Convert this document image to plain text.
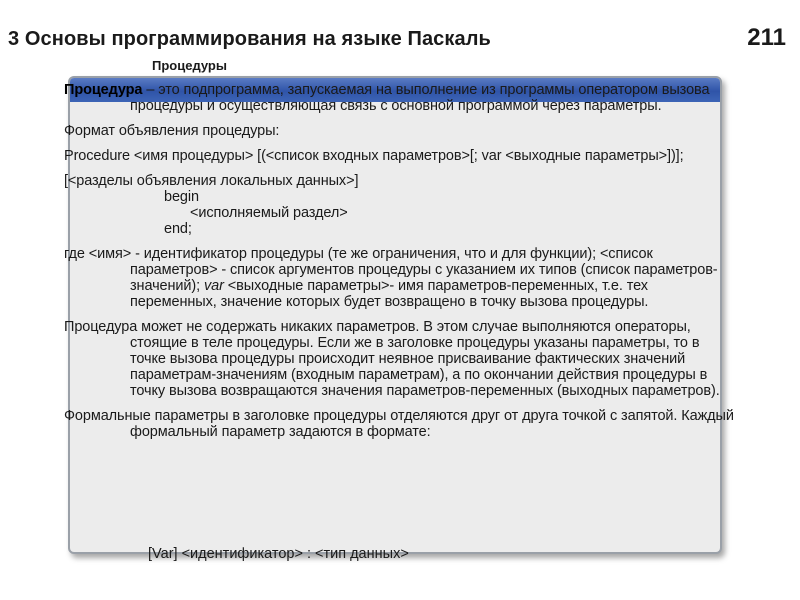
3 Основы программирования на языке Паскаль	211
Процедуры

Процедура – это подпрограмма, запускаемая на выполнение из программы оператором вызова процедуры и осуществляющая связь с основной программой через параметры.

Формат объявления процедуры:

Procedure <имя процедуры> [(<список входных параметров>[; var <выходные параметры>])];

[<разделы объявления локальных данных>]
begin
<исполняемый раздел>
end;

где <имя> - идентификатор процедуры (те же ограничения, что и для функции); <список параметров> - список аргументов процедуры с указанием их типов (список параметров-значений); var <выходные параметры>- имя параметров-переменных, т.е. тех переменных, значение которых будет возвращено в точку вызова процедуры.

Процедура может не содержать никаких параметров. В этом случае выполняются операторы, стоящие в теле процедуры. Если же в заголовке процедуры указаны параметры, то в точке вызова процедуры происходит неявное присваивание фактических значений параметрам-значениям (входным параметрам), а по окончании действия процедуры в точку вызова возвращаются значения параметров-переменных (выходных параметров).

Формальные параметры в заголовке процедуры отделяются друг от друга точкой с запятой. Каждый формальный параметр задаются в формате:

[Var] <идентификатор> : <тип данных>
